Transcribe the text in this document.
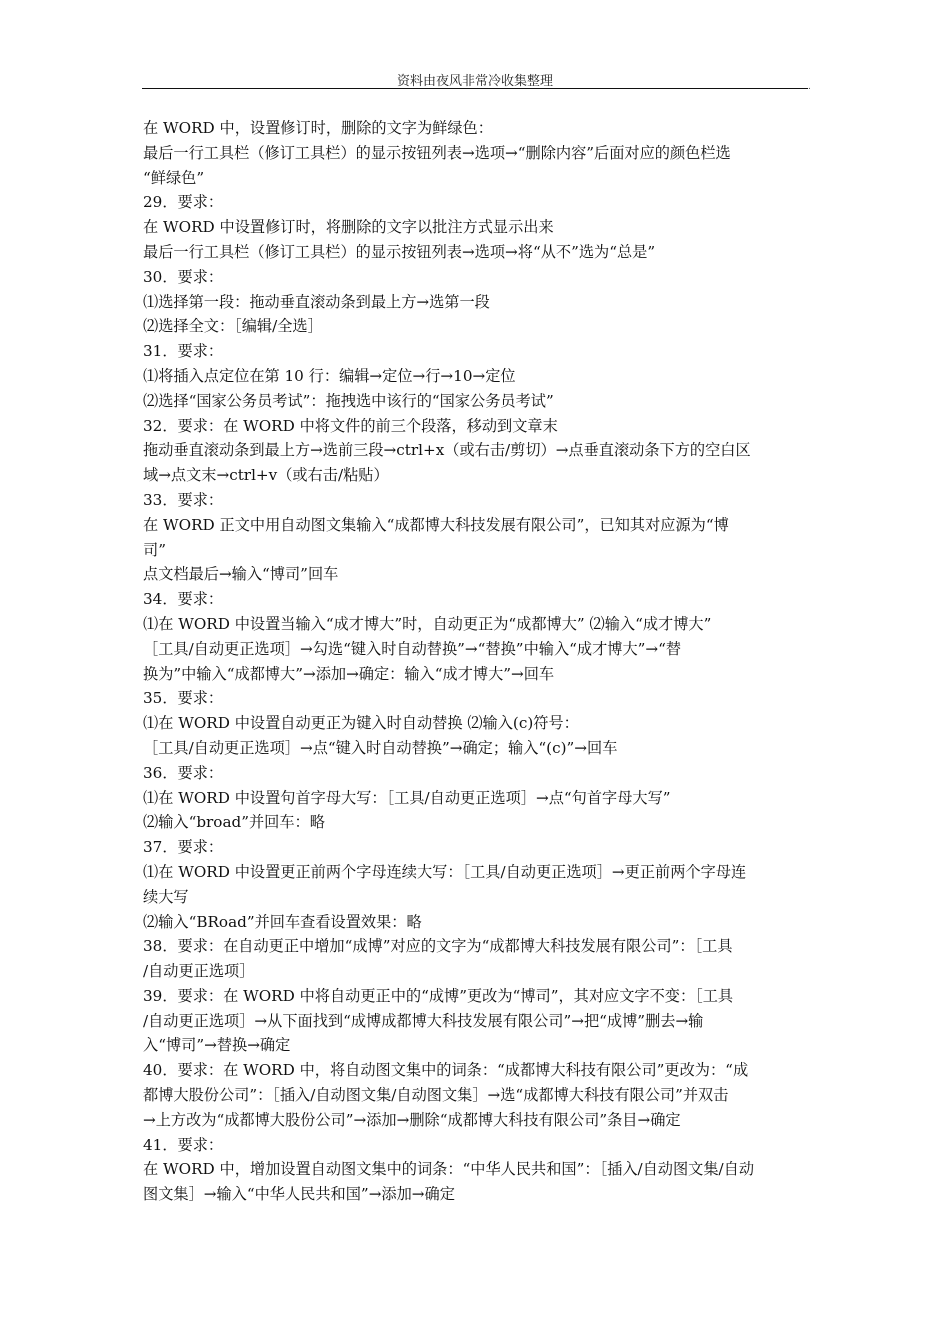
资料由夜风非常冷收集整理	.
在 WORD 中，设置修订时，删除的文字为鲜绿色：
最后一行工具栏（修订工具栏）的显示按钮列表→选项→“删除内容”后面对应的颜色栏选
“鲜绿色”
29．要求：
在 WORD 中设置修订时，将删除的文字以批注方式显示出来
最后一行工具栏（修订工具栏）的显示按钮列表→选项→将“从不”选为“总是”
30．要求：
⑴选择第一段：拖动垂直滚动条到最上方→选第一段
⑵选择全文：［编辑/全选］
31．要求：
⑴将插入点定位在第 10 行：编辑→定位→行→10→定位
⑵选择“国家公务员考试”：拖拽选中该行的“国家公务员考试”
32．要求：在 WORD 中将文件的前三个段落，移动到文章末
拖动垂直滚动条到最上方→选前三段→ctrl+x（或右击/剪切）→点垂直滚动条下方的空白区
域→点文末→ctrl+v（或右击/粘贴）
33．要求：
在 WORD 正文中用自动图文集输入“成都博大科技发展有限公司”，已知其对应源为“博
司”
点文档最后→输入“博司”回车
34．要求：
⑴在 WORD 中设置当输入“成才博大”时，自动更正为“成都博大” ⑵输入“成才博大”
［工具/自动更正选项］→勾选“键入时自动替换”→“替换”中输入“成才博大”→“替
换为”中输入“成都博大”→添加→确定：输入“成才博大”→回车
35．要求：
⑴在 WORD 中设置自动更正为键入时自动替换 ⑵输入(c)符号：
［工具/自动更正选项］→点“键入时自动替换”→确定；输入“(c)”→回车
36．要求：
⑴在 WORD 中设置句首字母大写：［工具/自动更正选项］→点“句首字母大写”
⑵输入“broad”并回车：略
37．要求：
⑴在 WORD 中设置更正前两个字母连续大写：［工具/自动更正选项］→更正前两个字母连
续大写
⑵输入“BRoad”并回车查看设置效果：略
38．要求：在自动更正中增加“成博”对应的文字为“成都博大科技发展有限公司”：［工具
/自动更正选项］
39．要求：在 WORD 中将自动更正中的“成博”更改为“博司”，其对应文字不变：［工具
/自动更正选项］→从下面找到“成博成都博大科技发展有限公司”→把“成博”删去→输
入“博司”→替换→确定
40．要求：在 WORD 中，将自动图文集中的词条：“成都博大科技有限公司”更改为：“成
都博大股份公司”：［插入/自动图文集/自动图文集］→选“成都博大科技有限公司”并双击
→上方改为“成都博大股份公司”→添加→删除“成都博大科技有限公司”条目→确定
41．要求：
在 WORD 中，增加设置自动图文集中的词条：“中华人民共和国”：［插入/自动图文集/自动
图文集］→输入“中华人民共和国”→添加→确定
